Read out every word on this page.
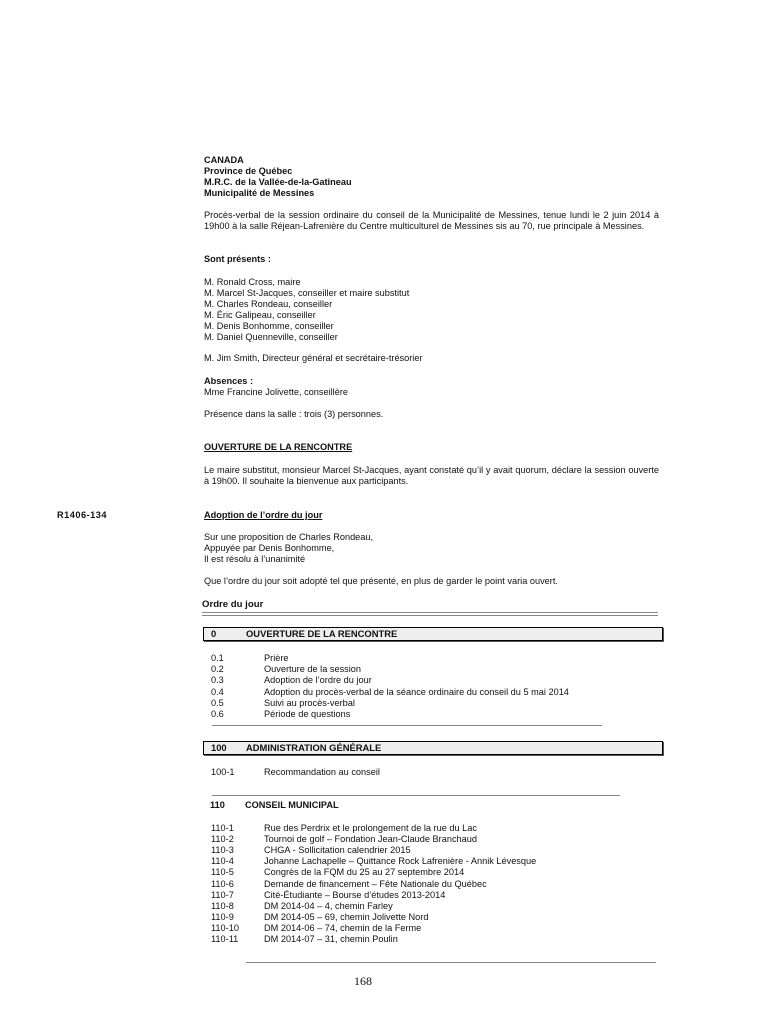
CANADA
Province de Québec
M.R.C. de la Vallée-de-la-Gatineau
Municipalité de Messines
Procès-verbal de la session ordinaire du conseil de la Municipalité de Messines, tenue lundi le 2 juin 2014 à 19h00 à la salle Réjean-Lafrenière du Centre multiculturel de Messines sis au 70, rue principale à Messines.
Sont présents :
M. Ronald Cross, maire
M. Marcel St-Jacques, conseiller et maire substitut
M. Charles Rondeau, conseiller
M. Éric Galipeau, conseiller
M. Denis Bonhomme, conseiller
M. Daniel Quenneville, conseiller
M. Jim Smith, Directeur général et secrétaire-trésorier
Absences :
Mme Francine Jolivette, conseillère
Présence dans la salle : trois (3) personnes.
OUVERTURE DE LA RENCONTRE
Le maire substitut, monsieur Marcel St-Jacques, ayant constaté qu’il y avait quorum, déclare la session ouverte à 19h00. Il souhaite la bienvenue aux participants.
R1406-134	Adoption de l’ordre du jour
Sur une proposition de Charles Rondeau,
Appuyée par Denis Bonhomme,
Il est résolu à l’unanimité
Que l’ordre du jour soit adopté tel que présenté, en plus de garder le point varia ouvert.
Ordre du jour
0	OUVERTURE DE LA RENCONTRE
0.1	Prière
0.2	Ouverture de la session
0.3	Adoption de l’ordre du jour
0.4	Adoption du procès-verbal de la séance ordinaire du conseil du 5 mai 2014
0.5	Suivi au procès-verbal
0.6	Période de questions
100 ADMINISTRATION GÉNÉRALE
100-1	Recommandation au conseil
110 CONSEIL MUNICIPAL
110-1	Rue des Perdrix et le prolongement de la rue du Lac
110-2	Tournoi de golf – Fondation Jean-Claude Branchaud
110-3	CHGA - Sollicitation calendrier 2015
110-4	Johanne Lachapelle – Quittance Rock Lafrenière - Annik Lévesque
110-5	Congrès de la FQM du 25 au 27 septembre 2014
110-6	Demande de financement – Fête Nationale du Québec
110-7	Cité-Étudiante – Bourse d’études 2013-2014
110-8	DM 2014-04 – 4, chemin Farley
110-9	DM 2014-05 – 69, chemin Jolivette Nord
110-10	DM 2014-06 – 74, chemin de la Ferme
110-11	DM 2014-07 – 31, chemin Poulin
168
